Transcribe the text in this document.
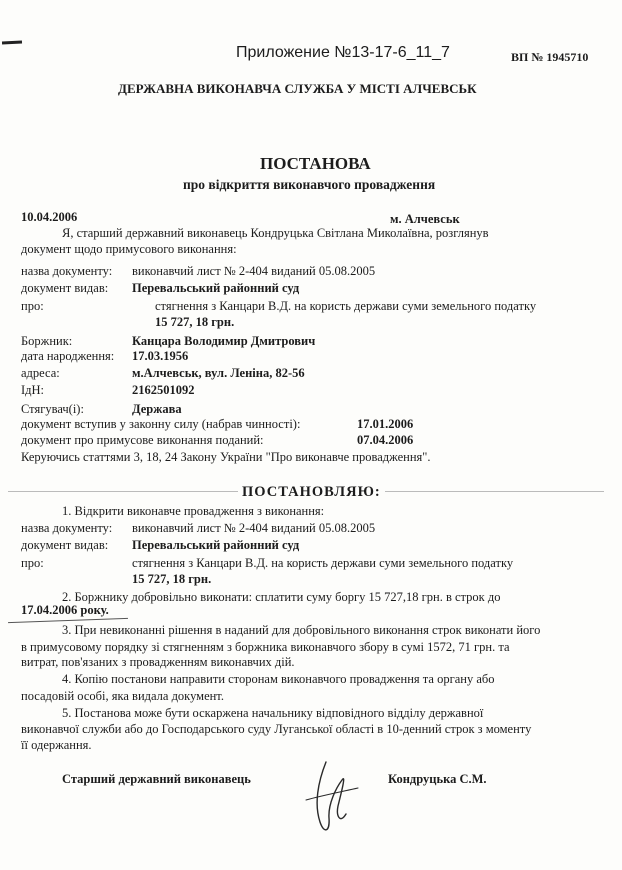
Приложение №13-17-6_11_7	ВП № 1945710
ДЕРЖАВНА ВИКОНАВЧА СЛУЖБА У МІСТІ АЛЧЕВСЬК
ПОСТАНОВА
про відкриття виконавчого провадження
10.04.2006	м. Алчевськ
Я, старший державний виконавець Кондруцька Світлана Миколаївна, розглянув
документ щодо примусового виконання:
назва документу: виконавчий лист № 2-404 виданий 05.08.2005
документ видав: Перевальський районний суд
про:	стягнення з Канцари В.Д. на користь держави суми земельного податку
15 727, 18 грн.
Боржник:	Канцара Володимир Дмитрович
дата народження: 17.03.1956
адреса:	м.Алчевськ, вул. Леніна, 82-56
ІдН:	2162501092
Стягувач(і):	Держава
документ вступив у законну силу (набрав чинності):	17.01.2006
документ про примусове виконання поданий:	07.04.2006
Керуючись статтями 3, 18, 24 Закону України "Про виконавче провадження".
ПОСТАНОВЛЯЮ:
1. Відкрити виконавче провадження з виконання:
назва документу: виконавчий лист № 2-404 виданий 05.08.2005
документ видав: Перевальський районний суд
про:	стягнення з Канцари В.Д. на користь держави суми земельного податку
15 727, 18 грн.
2. Боржнику добровільно виконати: сплатити суму боргу 15 727,18 грн. в строк до
17.04.2006 року.
3. При невиконанні рішення в наданий для добровільного виконання строк виконати його
в примусовому порядку зі стягненням з боржника виконавчого збору в сумі 1572, 71 грн. та
витрат, пов'язаних з провадженням виконавчих дій.
4. Копію постанови направити сторонам виконавчого провадження та органу або
посадовій особі, яка видала документ.
5. Постанова може бути оскаржена начальнику відповідного відділу державної
виконавчої служби або до Господарського суду Луганської області в 10-денний строк з моменту
її одержання.
Старший державний виконавець	Кондруцька С.М.
